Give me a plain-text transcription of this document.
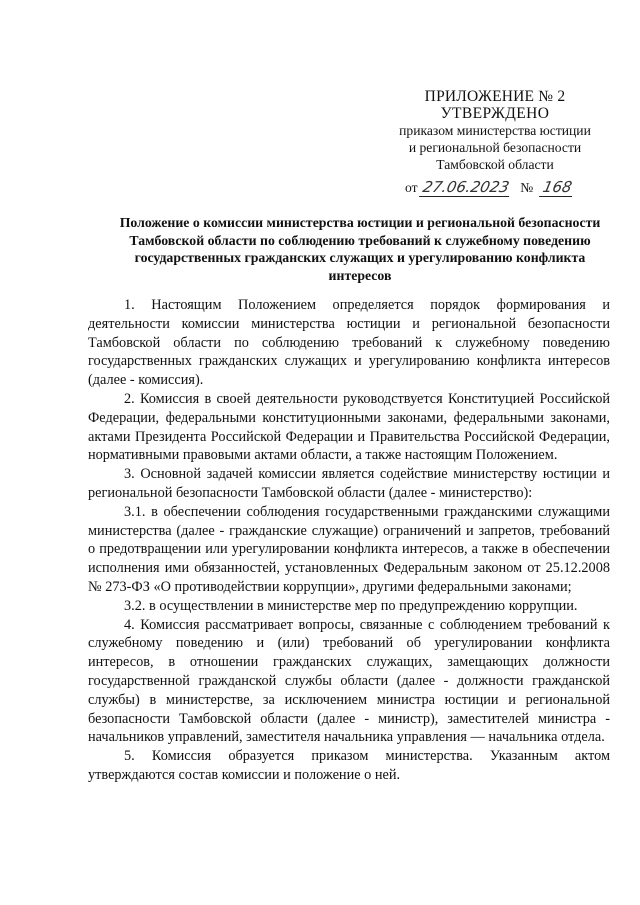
ПРИЛОЖЕНИЕ № 2
УТВЕРЖДЕНО
приказом министерства юстиции
и региональной безопасности
Тамбовской области
от 27.06.2023 № 168
Положение о комиссии министерства юстиции и региональной безопасности Тамбовской области по соблюдению требований к служебному поведению государственных гражданских служащих и урегулированию конфликта интересов

1. Настоящим Положением определяется порядок формирования и деятельности комиссии министерства юстиции и региональной безопасности Тамбовской области по соблюдению требований к служебному поведению государственных гражданских служащих и урегулированию конфликта интересов (далее - комиссия).

2. Комиссия в своей деятельности руководствуется Конституцией Российской Федерации, федеральными конституционными законами, федеральными законами, актами Президента Российской Федерации и Правительства Российской Федерации, нормативными правовыми актами области, а также настоящим Положением.

3. Основной задачей комиссии является содействие министерству юстиции и региональной безопасности Тамбовской области (далее - министерство):

3.1. в обеспечении соблюдения государственными гражданскими служащими министерства (далее - гражданские служащие) ограничений и запретов, требований о предотвращении или урегулировании конфликта интересов, а также в обеспечении исполнения ими обязанностей, установленных Федеральным законом от 25.12.2008 № 273-ФЗ «О противодействии коррупции», другими федеральными законами;

3.2. в осуществлении в министерстве мер по предупреждению коррупции.

4. Комиссия рассматривает вопросы, связанные с соблюдением требований к служебному поведению и (или) требований об урегулировании конфликта интересов, в отношении гражданских служащих, замещающих должности государственной гражданской службы области (далее - должности гражданской службы) в министерстве, за исключением министра юстиции и региональной безопасности Тамбовской области (далее - министр), заместителей министра - начальников управлений, заместителя начальника управления — начальника отдела.

5. Комиссия образуется приказом министерства. Указанным актом утверждаются состав комиссии и положение о ней.
